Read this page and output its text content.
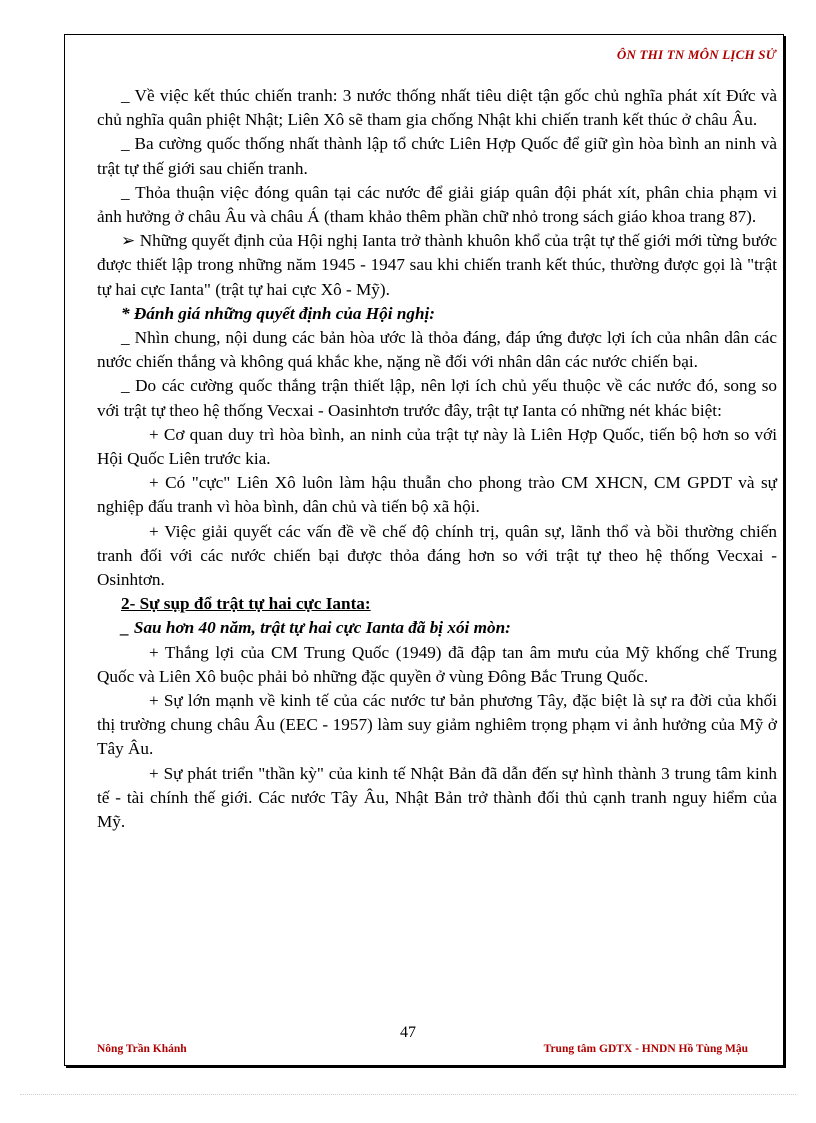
ÔN THI TN MÔN LỊCH SỬ

_ Về việc kết thúc chiến tranh: 3 nước thống nhất tiêu diệt tận gốc chủ nghĩa phát xít Đức và chủ nghĩa quân phiệt Nhật; Liên Xô sẽ tham gia chống Nhật khi chiến tranh kết thúc ở châu Âu.

_ Ba cường quốc thống nhất thành lập tổ chức Liên Hợp Quốc để giữ gìn hòa bình an ninh và trật tự thế giới sau chiến tranh.

_ Thỏa thuận việc đóng quân tại các nước để giải giáp quân đội phát xít, phân chia phạm vi ảnh hưởng ở châu Âu và châu Á (tham khảo thêm phần chữ nhỏ trong sách giáo khoa trang 87).

➢ Những quyết định của Hội nghị Ianta trở thành khuôn khổ của trật tự thế giới mới từng bước được thiết lập trong những năm 1945 - 1947 sau khi chiến tranh kết thúc, thường được gọi là "trật tự hai cực Ianta" (trật tự hai cực Xô - Mỹ).

* Đánh giá những quyết định của Hội nghị:

_ Nhìn chung, nội dung các bản hòa ước là thỏa đáng, đáp ứng được lợi ích của nhân dân các nước chiến thắng và không quá khắc khe, nặng nề đối với nhân dân các nước chiến bại.

_ Do các cường quốc thắng trận thiết lập, nên lợi ích chủ yếu thuộc về các nước đó, song so với trật tự theo hệ thống Vecxai - Oasinhtơn trước đây, trật tự Ianta có những nét khác biệt:

+ Cơ quan duy trì hòa bình, an ninh của trật tự này là Liên Hợp Quốc, tiến bộ hơn so với Hội Quốc Liên trước kia.

+ Có "cực" Liên Xô luôn làm hậu thuẫn cho phong trào CM XHCN, CM GPDT và sự nghiệp đấu tranh vì hòa bình, dân chủ và tiến bộ xã hội.

+ Việc giải quyết các vấn đề về chế độ chính trị, quân sự, lãnh thổ và bồi thường chiến tranh đối với các nước chiến bại được thỏa đáng hơn so với trật tự theo hệ thống Vecxai - Osinhtơn.

2- Sự sụp đổ trật tự hai cực Ianta:

_ Sau hơn 40 năm, trật tự hai cực Ianta đã bị xói mòn:

+ Thắng lợi của CM Trung Quốc (1949) đã đập tan âm mưu của Mỹ khống chế Trung Quốc và Liên Xô buộc phải bỏ những đặc quyền ở vùng Đông Bắc Trung Quốc.

+ Sự lớn mạnh về kinh tế của các nước tư bản phương Tây, đặc biệt là sự ra đời của khối thị trường chung châu Âu (EEC - 1957) làm suy giảm nghiêm trọng phạm vi ảnh hưởng của Mỹ ở Tây Âu.

+ Sự phát triển "thần kỳ" của kinh tế Nhật Bản đã dẫn đến sự hình thành 3 trung tâm kinh tế - tài chính thế giới. Các nước Tây Âu, Nhật Bản trở thành đối thủ cạnh tranh nguy hiểm của Mỹ.

47
Nông Trần Khánh	Trung tâm GDTX - HNDN Hồ Tùng Mậu
